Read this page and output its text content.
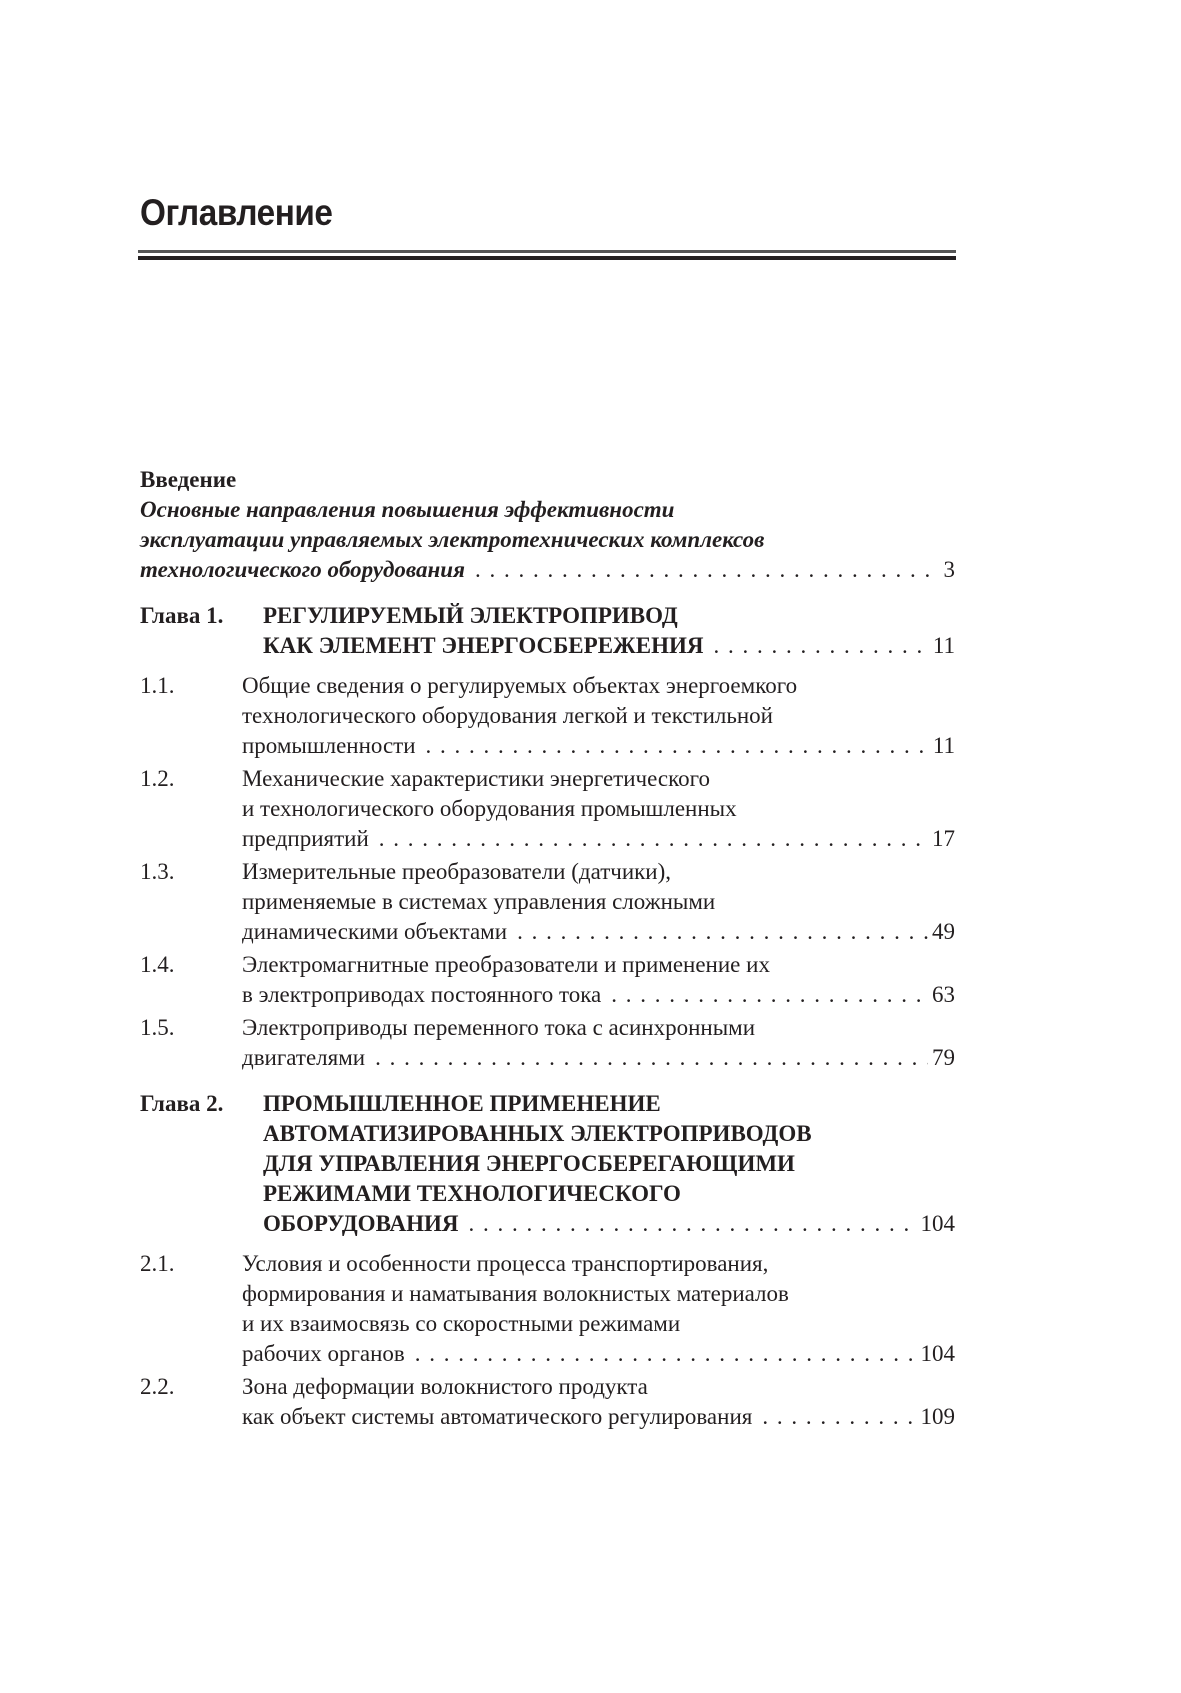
Оглавление
Введение
Основные направления повышения эффективности
эксплуатации управляемых электротехнических комплексов
технологического оборудования . . .	3
Глава 1. РЕГУЛИРУЕМЫЙ ЭЛЕКТРОПРИВОД
КАК ЭЛЕМЕНТ ЭНЕРГОСБЕРЕЖЕНИЯ . . .	11
1.1.	Общие сведения о регулируемых объектах энергоемкого
технологического оборудования легкой и текстильной
промышленности . . .	11
1.2.	Механические характеристики энергетического
и технологического оборудования промышленных
предприятий . . .	17
1.3.	Измерительные преобразователи (датчики),
применяемые в системах управления сложными
динамическими объектами . . .	49
1.4.	Электромагнитные преобразователи и применение их
в электроприводах постоянного тока . . .	63
1.5.	Электроприводы переменного тока с асинхронными
двигателями . . .	79
Глава 2. ПРОМЫШЛЕННОЕ ПРИМЕНЕНИЕ
АВТОМАТИЗИРОВАННЫХ ЭЛЕКТРОПРИВОДОВ
ДЛЯ УПРАВЛЕНИЯ ЭНЕРГОСБЕРЕГАЮЩИМИ
РЕЖИМАМИ ТЕХНОЛОГИЧЕСКОГО
ОБОРУДОВАНИЯ . . .	104
2.1.	Условия и особенности процесса транспортирования,
формирования и наматывания волокнистых материалов
и их взаимосвязь со скоростными режимами
рабочих органов . . .	104
2.2.	Зона деформации волокнистого продукта
как объект системы автоматического регулирования . . .	109
